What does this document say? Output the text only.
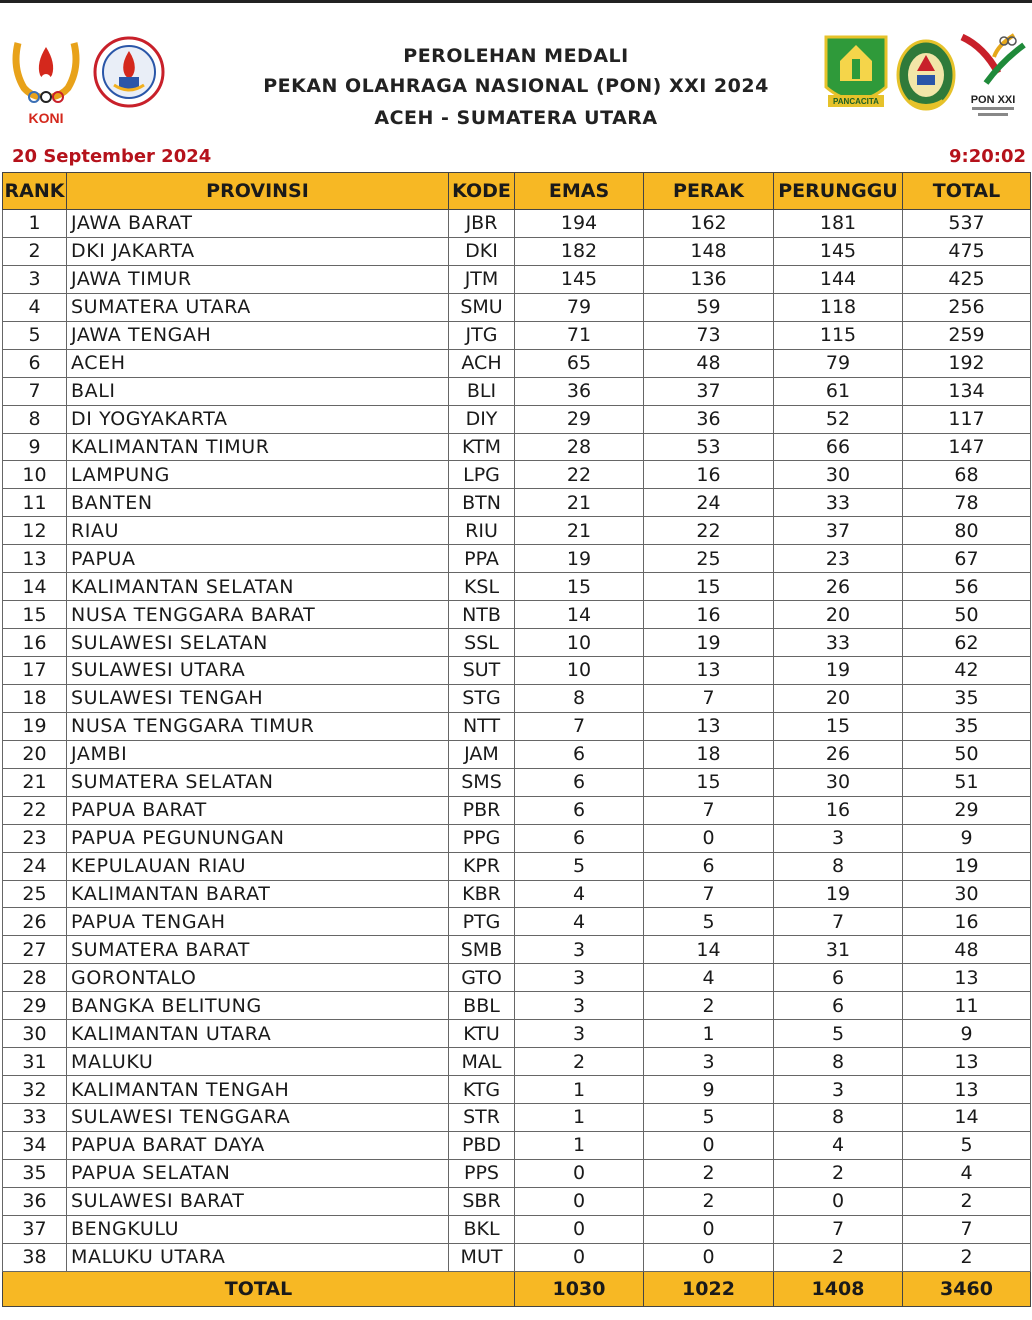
KONI
PEROLEHAN MEDALI
PEKAN OLAHRAGA NASIONAL (PON) XXI 2024
ACEH - SUMATERA UTARA
PANCACITA	PON XXI
20 September 2024	9:20:02
RANK	PROVINSI	KODE	EMAS	PERAK	PERUNGGU	TOTAL
1	JAWA BARAT	JBR	194	162	181	537
2	DKI JAKARTA	DKI	182	148	145	475
3	JAWA TIMUR	JTM	145	136	144	425
4	SUMATERA UTARA	SMU	79	59	118	256
5	JAWA TENGAH	JTG	71	73	115	259
6	ACEH	ACH	65	48	79	192
7	BALI	BLI	36	37	61	134
8	DI YOGYAKARTA	DIY	29	36	52	117
9	KALIMANTAN TIMUR	KTM	28	53	66	147
10	LAMPUNG	LPG	22	16	30	68
11	BANTEN	BTN	21	24	33	78
12	RIAU	RIU	21	22	37	80
13	PAPUA	PPA	19	25	23	67
14	KALIMANTAN SELATAN	KSL	15	15	26	56
15	NUSA TENGGARA BARAT	NTB	14	16	20	50
16	SULAWESI SELATAN	SSL	10	19	33	62
17	SULAWESI UTARA	SUT	10	13	19	42
18	SULAWESI TENGAH	STG	8	7	20	35
19	NUSA TENGGARA TIMUR	NTT	7	13	15	35
20	JAMBI	JAM	6	18	26	50
21	SUMATERA SELATAN	SMS	6	15	30	51
22	PAPUA BARAT	PBR	6	7	16	29
23	PAPUA PEGUNUNGAN	PPG	6	0	3	9
24	KEPULAUAN RIAU	KPR	5	6	8	19
25	KALIMANTAN BARAT	KBR	4	7	19	30
26	PAPUA TENGAH	PTG	4	5	7	16
27	SUMATERA BARAT	SMB	3	14	31	48
28	GORONTALO	GTO	3	4	6	13
29	BANGKA BELITUNG	BBL	3	2	6	11
30	KALIMANTAN UTARA	KTU	3	1	5	9
31	MALUKU	MAL	2	3	8	13
32	KALIMANTAN TENGAH	KTG	1	9	3	13
33	SULAWESI TENGGARA	STR	1	5	8	14
34	PAPUA BARAT DAYA	PBD	1	0	4	5
35	PAPUA SELATAN	PPS	0	2	2	4
36	SULAWESI BARAT	SBR	0	2	0	2
37	BENGKULU	BKL	0	0	7	7
38	MALUKU UTARA	MUT	0	0	2	2
TOTAL			1030	1022	1408	3460
